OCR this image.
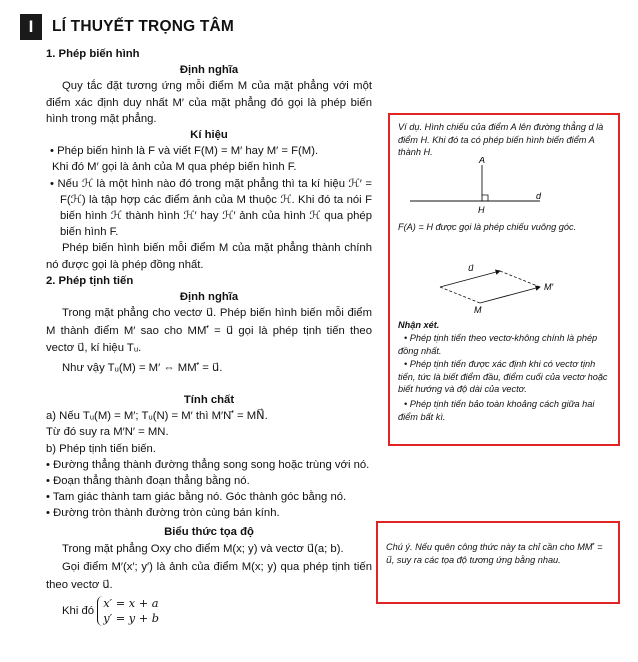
I	LÍ THUYẾT TRỌNG TÂM

1. Phép biến hình

Định nghĩa

Quy tắc đặt tương ứng mỗi điểm M của mặt phẳng với một điểm xác định duy nhất M′ của mặt phẳng đó gọi là phép biến hình trong mặt phẳng.

Kí hiệu

• Phép biến hình là F và viết F(M) = M′ hay M′ = F(M).

Khi đó M′ gọi là ảnh của M qua phép biến hình F.

• Nếu ℋ là một hình nào đó trong mặt phẳng thì ta kí hiệu ℋ′ = F(ℋ) là tập hợp các điểm ảnh của M thuộc ℋ. Khi đó ta nói F biến hình ℋ thành hình ℋ′ hay ℋ′ ảnh của hình ℋ qua phép biến hình F.

Phép biến hình biến mỗi điểm M của mặt phẳng thành chính nó được gọi là phép đồng nhất.

2. Phép tịnh tiến

Định nghĩa

Trong mặt phẳng cho vectơ u⃗. Phép biến hình biến mỗi điểm M thành điểm M′ sao cho MM′⃗ = u⃗ gọi là phép tịnh tiến theo vectơ u⃗, kí hiệu Tᵤ.

Như vậy Tᵤ(M) = M′ ⇔ MM′⃗ = u⃗.

Tính chất

a) Nếu Tᵤ(M) = M′; Tᵤ(N) = M′ thì M′N′⃗ = MN⃗.

Từ đó suy ra M′N′ = MN.

b) Phép tịnh tiến biến.

• Đường thẳng thành đường thẳng song song hoặc trùng với nó.

• Đoạn thẳng thành đoạn thẳng bằng nó.

• Tam giác thành tam giác bằng nó. Góc thành góc bằng nó.

• Đường tròn thành đường tròn cùng bán kính.

Biểu thức tọa độ

Trong mặt phẳng Oxy cho điểm M(x; y) và vectơ u⃗(a; b).

Gọi điểm M′(x′; y′) là ảnh của điểm M(x; y) qua phép tịnh tiến theo vectơ u⃗.

Khi đó x′ = x + a
y′ = y + b

Ví dụ. Hình chiếu của điểm A lên đường thẳng d là điểm H. Khi đó ta có phép biến hình biến điểm A thành H.

A
H
d

F(A) = H được gọi là phép chiếu vuông góc.

u⃗
M
M′

Nhận xét.

• Phép tịnh tiến theo vectơ-không chính là phép đồng nhất.

• Phép tịnh tiến được xác định khi có vectơ tịnh tiến, tức là biết điểm đầu, điểm cuối của vectơ hoặc biết hướng và độ dài của vectơ.

• Phép tịnh tiến bảo toàn khoảng cách giữa hai điểm bất kì.

Chú ý. Nếu quên công thức này ta chỉ cần cho MM′⃗ = u⃗, suy ra các tọa độ tương ứng bằng nhau.
